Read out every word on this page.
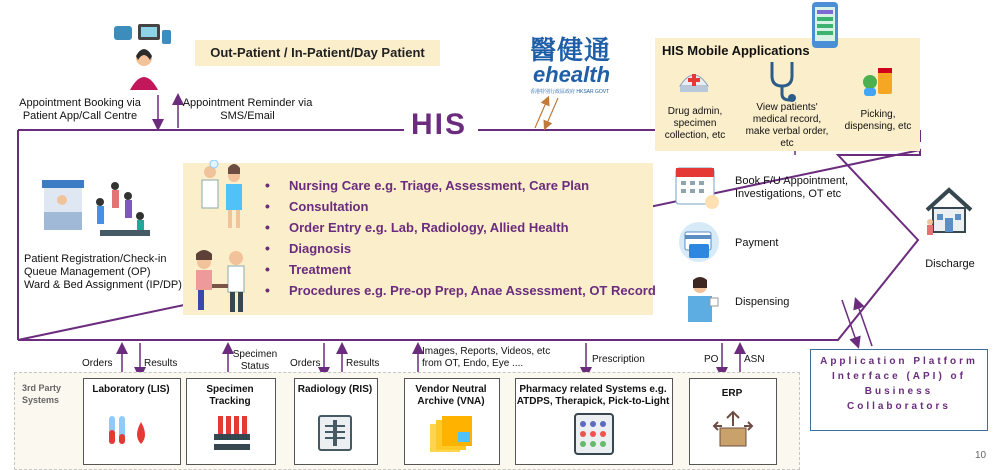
Out-Patient / In-Patient/Day Patient
Appointment Booking via Patient App/Call Centre
Appointment Reminder via SMS/Email
醫健通
ehealth
香港特別行政區政府 HKSAR GOVT
HIS
HIS Mobile Applications
Drug admin, specimen collection, etc
View patients' medical record, make verbal order, etc
Picking, dispensing, etc
Patient Registration/Check-in
Queue Management (OP)
Ward & Bed Assignment (IP/DP)
• Nursing Care e.g. Triage, Assessment, Care Plan
• Consultation
• Order Entry e.g. Lab, Radiology, Allied Health
• Diagnosis
• Treatment
• Procedures e.g. Pre-op Prep, Anae Assessment, OT Record
Book F/U Appointment, Investigations, OT etc
Payment
Dispensing
Discharge
Orders	Results
Specimen Status	Orders	Results
Images, Reports, Videos, etc from OT, Endo, Eye ....	Prescription	PO	ASN
3rd Party Systems
Laboratory (LIS)	Specimen Tracking
Radiology (RIS)	Vendor Neutral Archive (VNA)
Pharmacy related Systems e.g. ATDPS, Therapick, Pick-to-Light
ERP
Application Platform Interface (API) of Business Collaborators
10
